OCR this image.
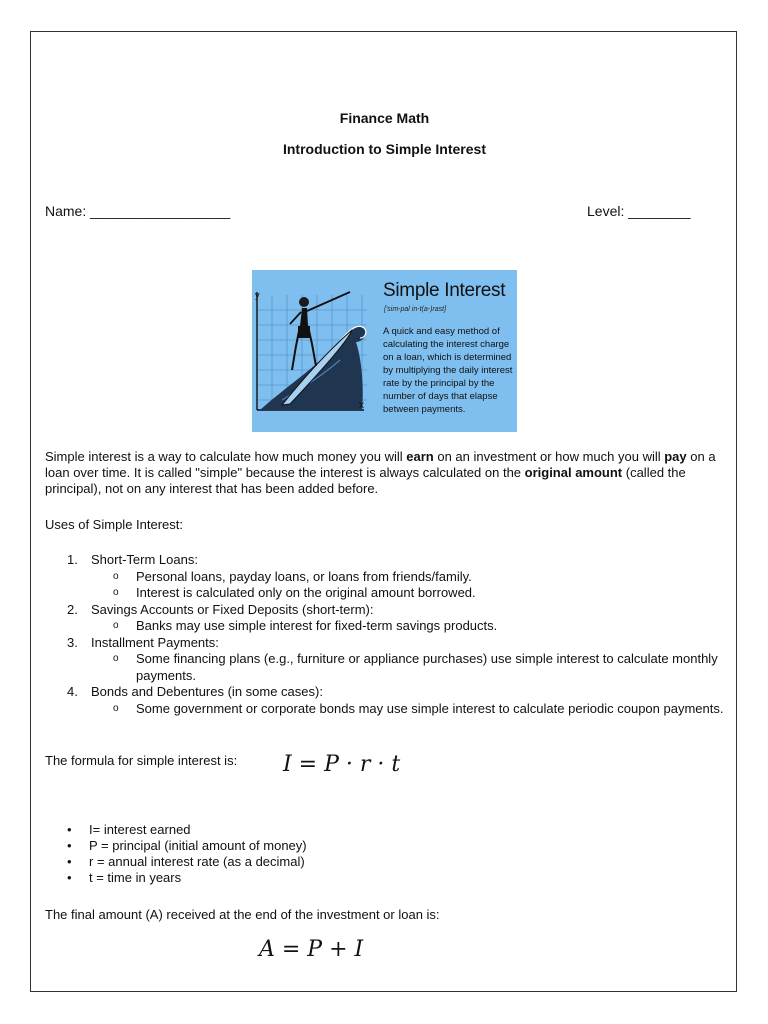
Finance Math
Introduction to Simple Interest
Name: __________________	Level: ________
y
x
Simple Interest
['sim-pal in-t(a-)rast]
A quick and easy method of calculating the interest charge on a loan, which is determined by multiplying the daily interest rate by the principal by the number of days that elapse between payments.
Simple interest is a way to calculate how much money you will earn on an investment or how much you will pay on a loan over time. It is called "simple" because the interest is always calculated on the original amount (called the principal), not on any interest that has been added before.
Uses of Simple Interest:
1.	Short-Term Loans:
o Personal loans, payday loans, or loans from friends/family.
o Interest is calculated only on the original amount borrowed.
2.	Savings Accounts or Fixed Deposits (short-term):
o Banks may use simple interest for fixed-term savings products.
3.	Installment Payments:
o Some financing plans (e.g., furniture or appliance purchases) use simple interest to calculate monthly payments.
4.	Bonds and Debentures (in some cases):
o Some government or corporate bonds may use simple interest to calculate periodic coupon payments.
The formula for simple interest is: I = P · r · t
• I= interest earned
• P = principal (initial amount of money)
• r = annual interest rate (as a decimal)
• t = time in years
The final amount (A) received at the end of the investment or loan is:
A = P + I
